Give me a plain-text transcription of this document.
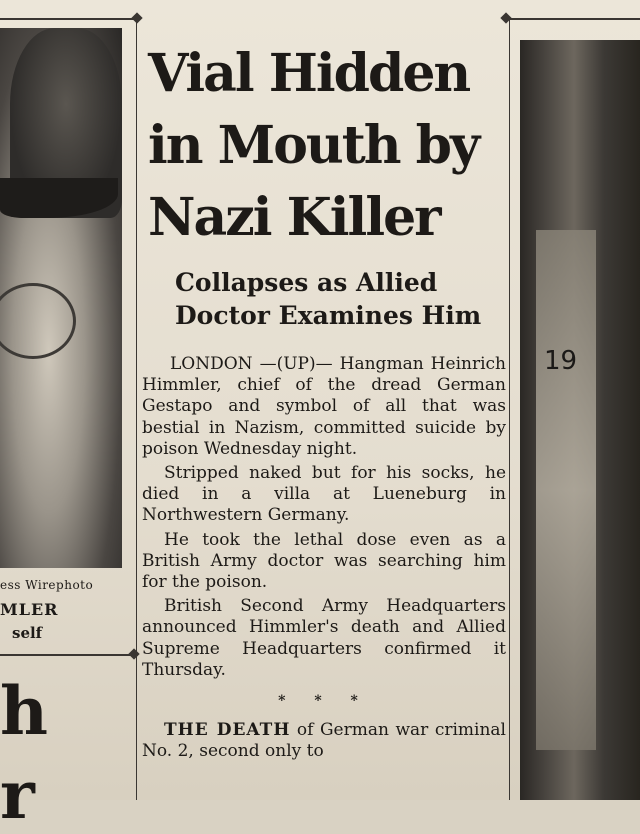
ess Wirephoto
MLER
self
h
r
Vial Hidden
in Mouth by
Nazi Killer
Collapses as Allied
Doctor Examines Him

LONDON —(UP)— Hangman Heinrich Himmler, chief of the dread German Gestapo and symbol of all that was bestial in Nazism, committed suicide by poison Wednesday night.

Stripped naked but for his socks, he died in a villa at Lueneburg in Northwestern Germany.

He took the lethal dose even as a British Army doctor was searching him for the poison.

British Second Army Headquarters announced Himmler's death and Allied Supreme Headquarters confirmed it Thursday.

* * *

THE DEATH of German war criminal No. 2, second only to

19
